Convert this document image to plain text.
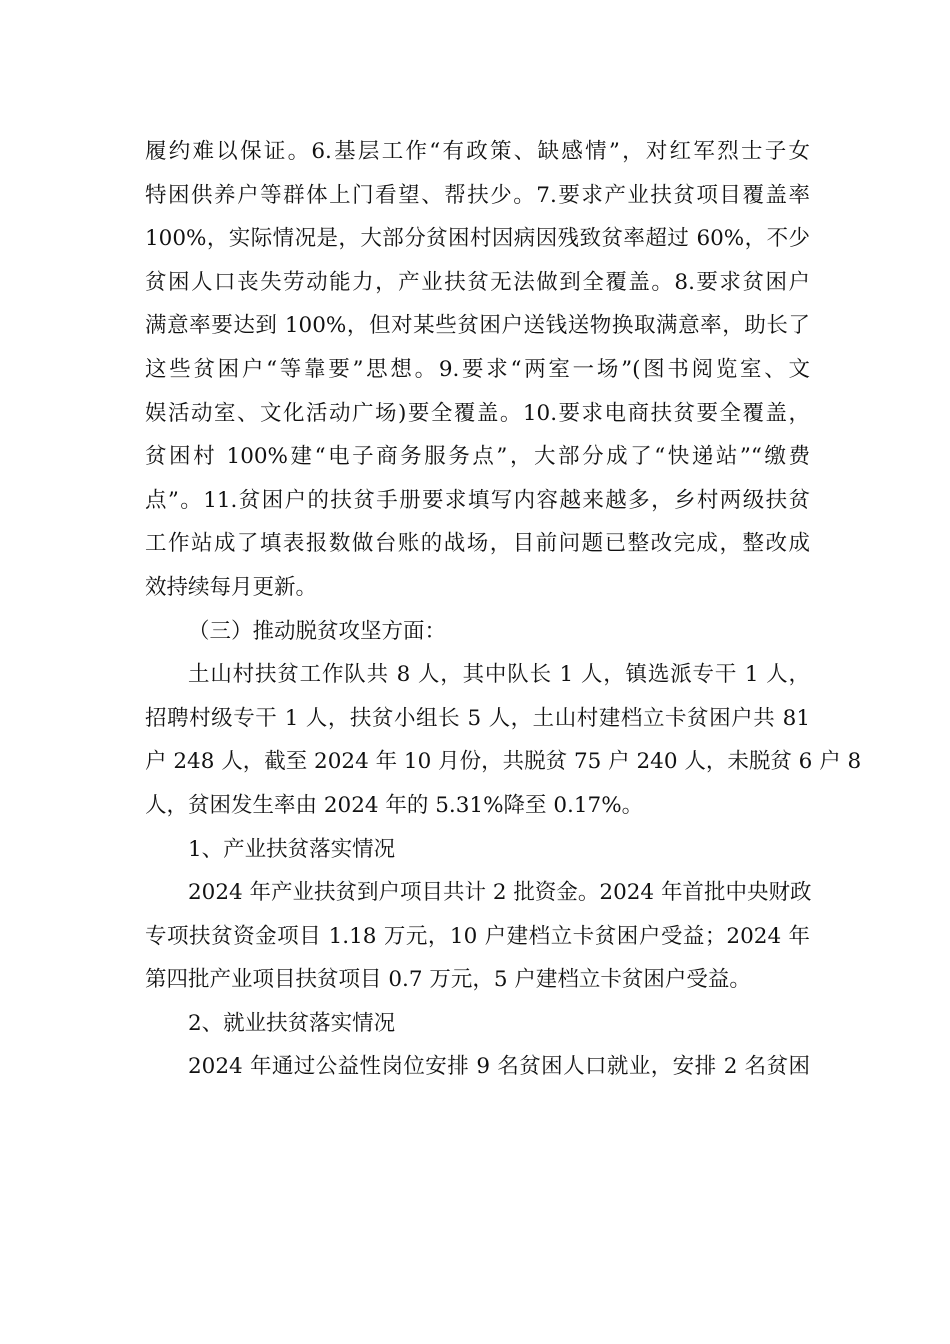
履约难以保证。6.基层工作“有政策、缺感情”，对红军烈士子女
特困供养户等群体上门看望、帮扶少。7.要求产业扶贫项目覆盖率
100%，实际情况是，大部分贫困村因病因残致贫率超过 60%，不少
贫困人口丧失劳动能力，产业扶贫无法做到全覆盖。8.要求贫困户
满意率要达到 100%，但对某些贫困户送钱送物换取满意率，助长了
这些贫困户“等靠要”思想。9.要求“两室一场”(图书阅览室、文
娱活动室、文化活动广场)要全覆盖。10.要求电商扶贫要全覆盖，
贫困村 100%建“电子商务服务点”，大部分成了“快递站”“缴费
点”。11.贫困户的扶贫手册要求填写内容越来越多，乡村两级扶贫
工作站成了填表报数做台账的战场，目前问题已整改完成，整改成
效持续每月更新。
（三）推动脱贫攻坚方面：
土山村扶贫工作队共 8 人，其中队长 1 人，镇选派专干 1 人，
招聘村级专干 1 人，扶贫小组长 5 人，土山村建档立卡贫困户共 81
户 248 人，截至 2024 年 10 月份，共脱贫 75 户 240 人，未脱贫 6 户 8
人，贫困发生率由 2024 年的 5.31%降至 0.17%。
1、产业扶贫落实情况
2024 年产业扶贫到户项目共计 2 批资金。2024 年首批中央财政
专项扶贫资金项目 1.18 万元，10 户建档立卡贫困户受益；2024 年
第四批产业项目扶贫项目 0.7 万元，5 户建档立卡贫困户受益。
2、就业扶贫落实情况
2024 年通过公益性岗位安排 9 名贫困人口就业，安排 2 名贫困
